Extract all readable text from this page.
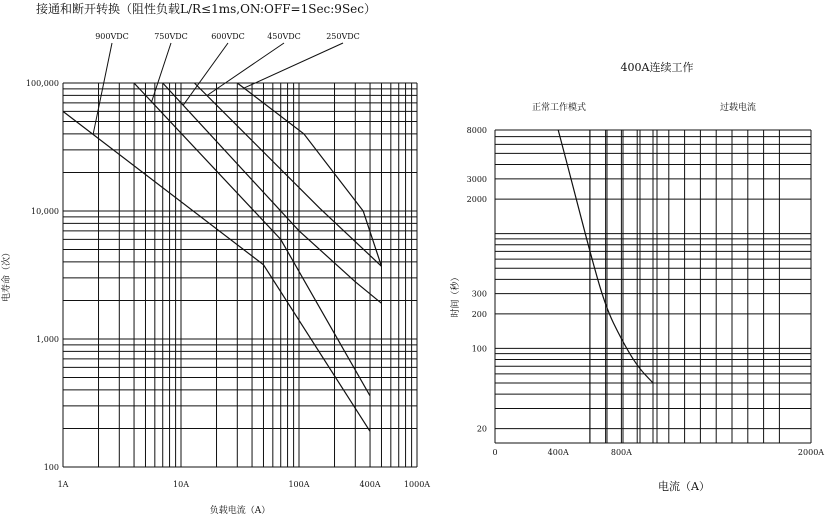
接通和断开转换（阻性负载L/R≤1ms,ON:OFF=1Sec:9Sec）
900VDC	750VDC	600VDC	450VDC	250VDC
1A	10A	100A	400A	1000A
100
1,000
10,000
100,000
负载电流（A）
电寿命（次）
400A连续工作
正常工作模式	过载电流
0	400A	800A	2000A
20
100
200
300
2000
3000
8000
电流（A）
时间（秒）
